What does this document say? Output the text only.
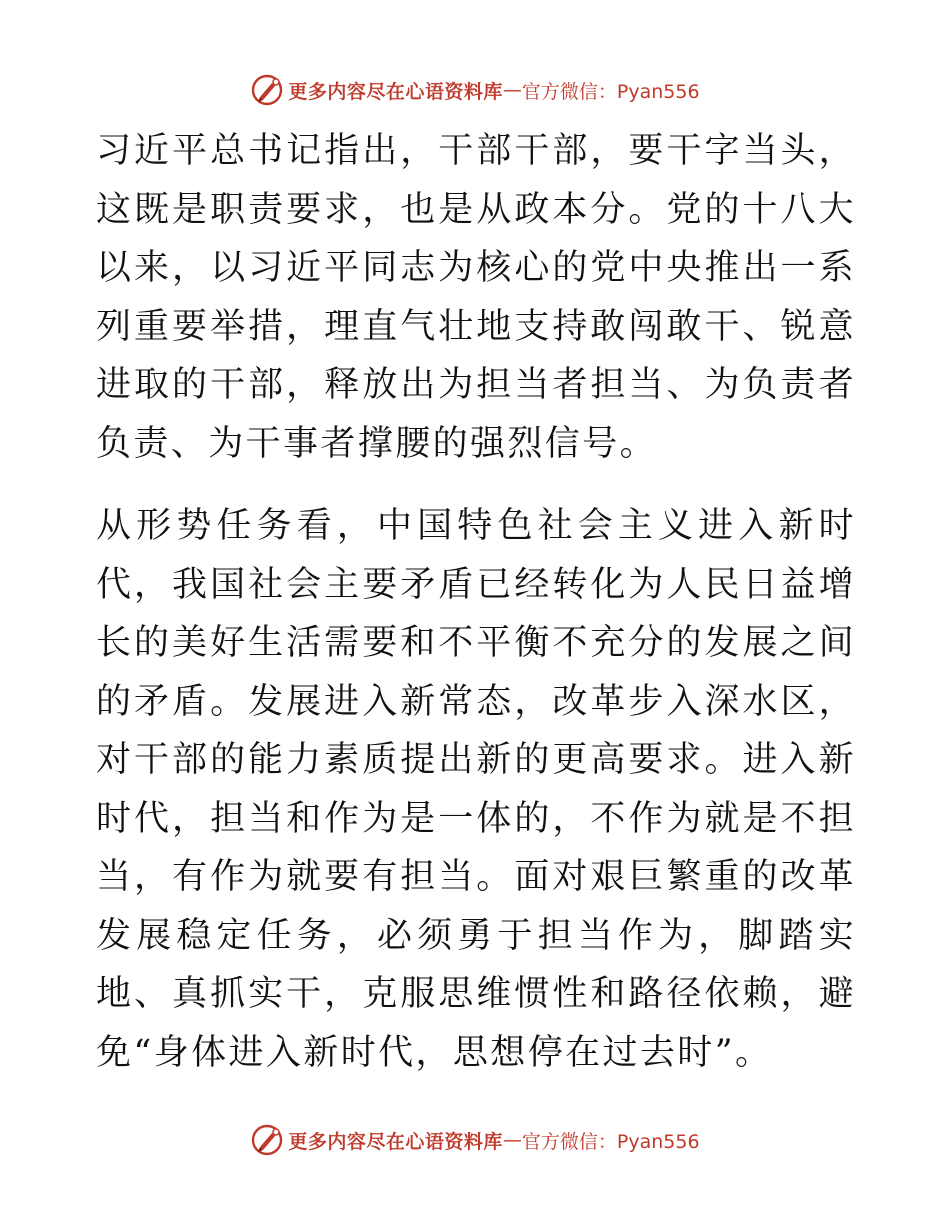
更多内容尽在心语资料库 — 官方微信：Pyan556

习近平总书记指出，干部干部，要干字当头，这既是职责要求，也是从政本分。党的十八大以来，以习近平同志为核心的党中央推出一系列重要举措，理直气壮地支持敢闯敢干、锐意进取的干部，释放出为担当者担当、为负责者负责、为干事者撑腰的强烈信号。

从形势任务看，中国特色社会主义进入新时代，我国社会主要矛盾已经转化为人民日益增长的美好生活需要和不平衡不充分的发展之间的矛盾。发展进入新常态，改革步入深水区，对干部的能力素质提出新的更高要求。进入新时代，担当和作为是一体的，不作为就是不担当，有作为就要有担当。面对艰巨繁重的改革发展稳定任务，必须勇于担当作为，脚踏实地、真抓实干，克服思维惯性和路径依赖，避免“身体进入新时代，思想停在过去时”。

更多内容尽在心语资料库 — 官方微信：Pyan556
